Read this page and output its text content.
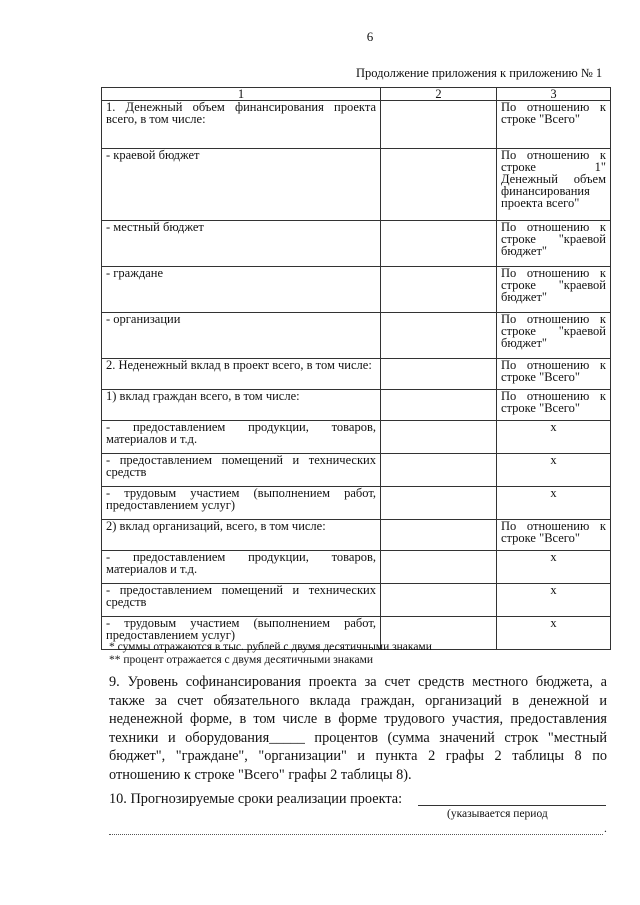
6
Продолжение приложения к приложению № 1
1	2	3
1. Денежный объем финансирования проекта всего, в том числе:		По отношению к строке "Всего"
- краевой бюджет		По отношению к строке 1" Денежный объем финансирования проекта всего"
- местный бюджет		По отношению к строке "краевой бюджет"
- граждане		По отношению к строке "краевой бюджет"
- организации		По отношению к строке "краевой бюджет"
2. Неденежный вклад в проект всего, в том числе:		По отношению к строке "Всего"
1) вклад граждан всего, в том числе:		По отношению к строке "Всего"
- предоставлением продукции, товаров, материалов и т.д.		х
- предоставлением помещений и технических средств		х
- трудовым участием (выполнением работ, предоставлением услуг)		х
2) вклад организаций, всего, в том числе:		По отношению к строке "Всего"
- предоставлением продукции, товаров, материалов и т.д.		х
- предоставлением помещений и технических средств		х
- трудовым участием (выполнением работ, предоставлением услуг)		х
* суммы отражаются в тыс. рублей с двумя десятичными знаками
** процент отражается с двумя десятичными знаками
9. Уровень софинансирования проекта за счет средств местного бюджета, а также за счет обязательного вклада граждан, организаций в денежной и неденежной форме, в том числе в форме трудового участия, предоставления техники и оборудования_____ процентов (сумма значений строк "местный бюджет", "граждане", "организации" и пункта 2 графы 2 таблицы 8 по отношению к строке "Всего" графы 2 таблицы 8).
10. Прогнозируемые сроки реализации проекта:
(указывается период
.
